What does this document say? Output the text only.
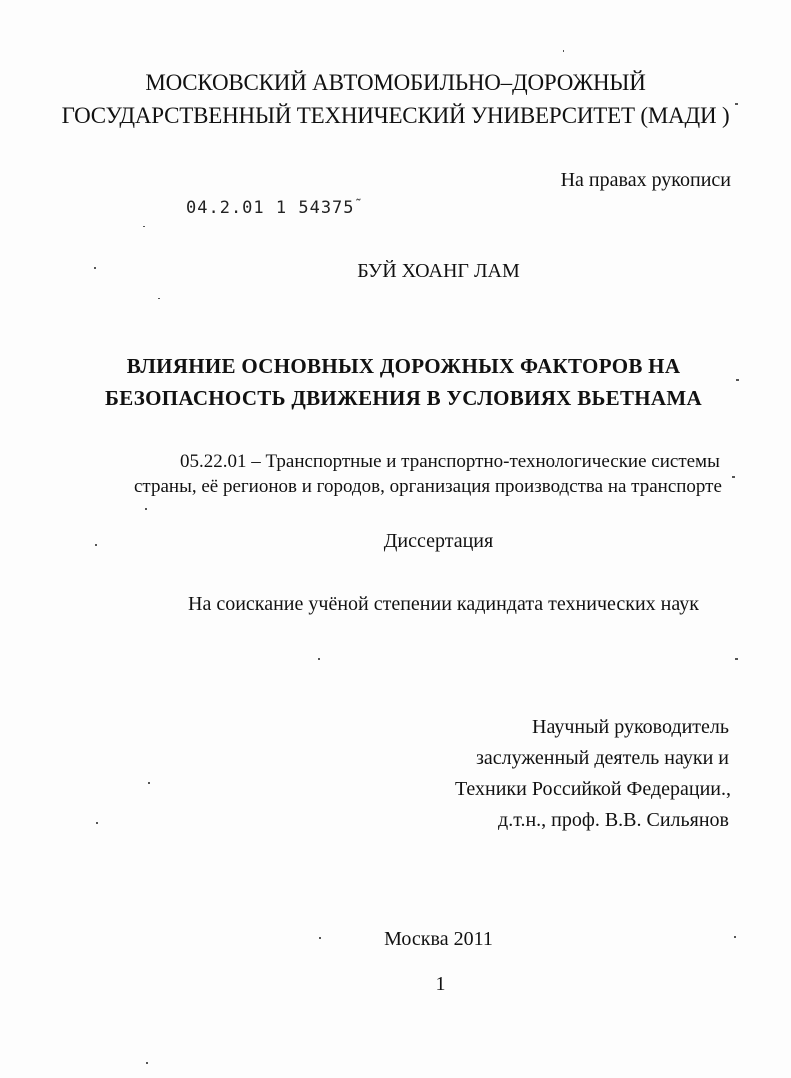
МОСКОВСКИЙ АВТОМОБИЛЬНО–ДОРОЖНЫЙ
ГОСУДАРСТВЕННЫЙ ТЕХНИЧЕСКИЙ УНИВЕРСИТЕТ (МАДИ )
На правах рукописи
04.2.01 1 54375˜
БУЙ ХОАНГ ЛАМ
ВЛИЯНИЕ ОСНОВНЫХ ДОРОЖНЫХ ФАКТОРОВ НА
БЕЗОПАСНОСТЬ ДВИЖЕНИЯ В УСЛОВИЯХ ВЬЕТНАМА
05.22.01 – Транспортные и транспортно-технологические системы
страны, её регионов и городов, организация производства на транспорте
Диссертация
На соискание учёной степении кадиндата технических наук
Научный руководитель
заслуженный деятель науки и
Техники Российкой Федерации.,
д.т.н., проф. В.В. Сильянов
Москва 2011
1
